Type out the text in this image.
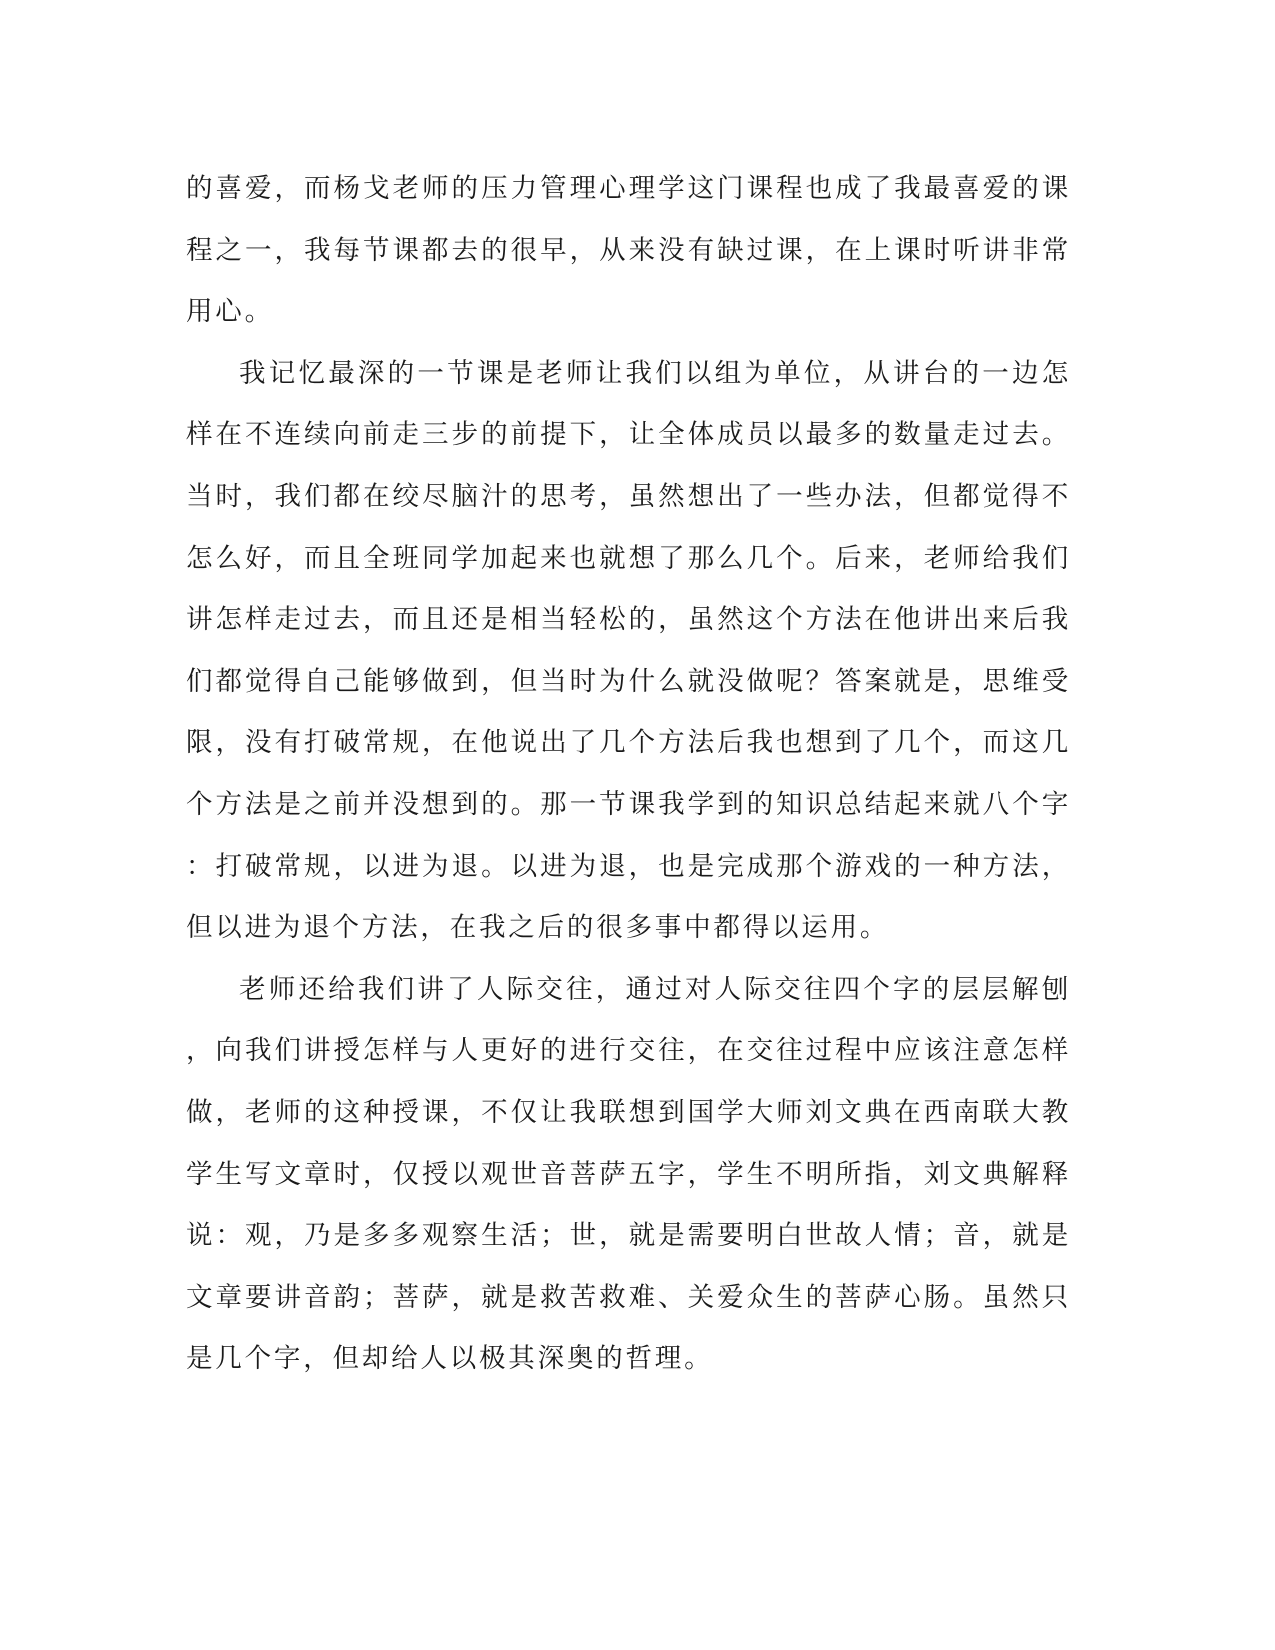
的喜爱，而杨戈老师的压力管理心理学这门课程也成了我最喜爱的课程之一，我每节课都去的很早，从来没有缺过课，在上课时听讲非常用心。

我记忆最深的一节课是老师让我们以组为单位，从讲台的一边怎样在不连续向前走三步的前提下，让全体成员以最多的数量走过去。当时，我们都在绞尽脑汁的思考，虽然想出了一些办法，但都觉得不怎么好，而且全班同学加起来也就想了那么几个。后来，老师给我们讲怎样走过去，而且还是相当轻松的，虽然这个方法在他讲出来后我们都觉得自己能够做到，但当时为什么就没做呢？答案就是，思维受限，没有打破常规，在他说出了几个方法后我也想到了几个，而这几个方法是之前并没想到的。那一节课我学到的知识总结起来就八个字：打破常规，以进为退。以进为退，也是完成那个游戏的一种方法，但以进为退个方法，在我之后的很多事中都得以运用。

老师还给我们讲了人际交往，通过对人际交往四个字的层层解刨，向我们讲授怎样与人更好的进行交往，在交往过程中应该注意怎样做，老师的这种授课，不仅让我联想到国学大师刘文典在西南联大教学生写文章时，仅授以观世音菩萨五字，学生不明所指，刘文典解释说：观，乃是多多观察生活；世，就是需要明白世故人情；音，就是文章要讲音韵；菩萨，就是救苦救难、关爱众生的菩萨心肠。虽然只是几个字，但却给人以极其深奥的哲理。
